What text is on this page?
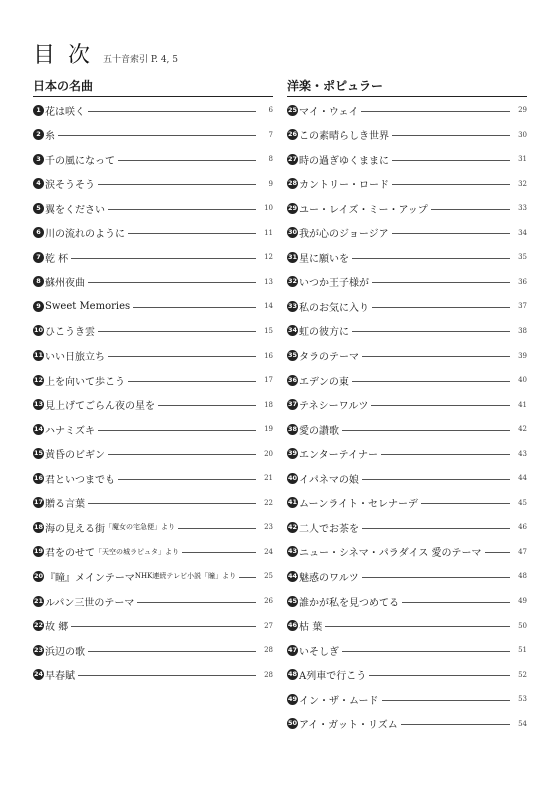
目 次 五十音索引 P. 4, 5
日本の名曲
1 花は咲く	6
2 糸	7
3 千の風になって	8
4 涙そうそう	9
5 翼をください	10
6 川の流れのように	11
7 乾 杯	12
8 蘇州夜曲	13
9 Sweet Memories	14
10 ひこうき雲	15
11 いい日旅立ち	16
12 上を向いて歩こう	17
13 見上げてごらん夜の星を	18
14 ハナミズキ	19
15 黄昏のビギン	20
16 君といつまでも	21
17 贈る言葉	22
18 海の見える街 「魔女の宅急便」より	23
19 君をのせて 「天空の城ラピュタ」より	24
20 『瞳』メインテーマ NHK連続テレビ小説「瞳」より	25
21 ルパン三世のテーマ	26
22 故 郷	27
23 浜辺の歌	28
24 早春賦	28
洋楽・ポピュラー
25 マイ・ウェイ	29
26 この素晴らしき世界	30
27 時の過ぎゆくままに	31
28 カントリー・ロード	32
29 ユー・レイズ・ミー・アップ	33
30 我が心のジョージア	34
31 星に願いを	35
32 いつか王子様が	36
33 私のお気に入り	37
34 虹の彼方に	38
35 タラのテーマ	39
36 エデンの東	40
37 テネシーワルツ	41
38 愛の讃歌	42
39 エンターテイナー	43
40 イパネマの娘	44
41 ムーンライト・セレナーデ	45
42 二人でお茶を	46
43 ニュー・シネマ・パラダイス 愛のテーマ	47
44 魅惑のワルツ	48
45 誰かが私を見つめてる	49
46 枯 葉	50
47 いそしぎ	51
48 A列車で行こう	52
49 イン・ザ・ムード	53
50 アイ・ガット・リズム	54
